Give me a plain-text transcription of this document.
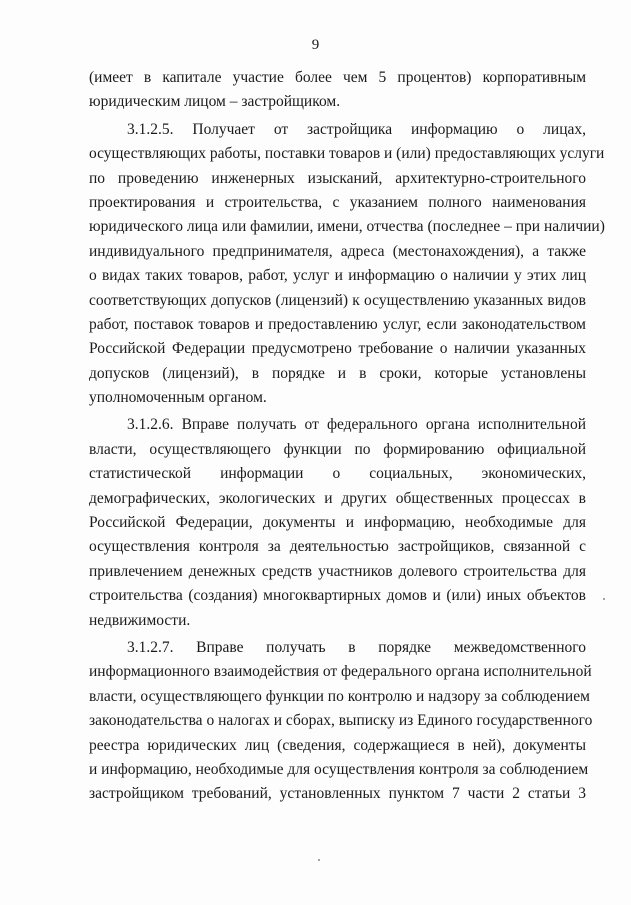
9
(имеет в капитале участие более чем 5 процентов) корпоративным
юридическим лицом – застройщиком.
3.1.2.5. Получает от застройщика информацию о лицах,
осуществляющих работы, поставки товаров и (или) предоставляющих услуги
по проведению инженерных изысканий, архитектурно-строительного
проектирования и строительства, с указанием полного наименования
юридического лица или фамилии, имени, отчества (последнее – при наличии)
индивидуального предпринимателя, адреса (местонахождения), а также
о видах таких товаров, работ, услуг и информацию о наличии у этих лиц
соответствующих допусков (лицензий) к осуществлению указанных видов
работ, поставок товаров и предоставлению услуг, если законодательством
Российской Федерации предусмотрено требование о наличии указанных
допусков (лицензий), в порядке и в сроки, которые установлены
уполномоченным органом.
3.1.2.6. Вправе получать от федерального органа исполнительной
власти, осуществляющего функции по формированию официальной
статистической информации о социальных, экономических,
демографических, экологических и других общественных процессах в
Российской Федерации, документы и информацию, необходимые для
осуществления контроля за деятельностью застройщиков, связанной с
привлечением денежных средств участников долевого строительства для
строительства (создания) многоквартирных домов и (или) иных объектов
недвижимости.
3.1.2.7. Вправе получать в порядке межведомственного
информационного взаимодействия от федерального органа исполнительной
власти, осуществляющего функции по контролю и надзору за соблюдением
законодательства о налогах и сборах, выписку из Единого государственного
реестра юридических лиц (сведения, содержащиеся в ней), документы
и информацию, необходимые для осуществления контроля за соблюдением
застройщиком требований, установленных пунктом 7 части 2 статьи 3
